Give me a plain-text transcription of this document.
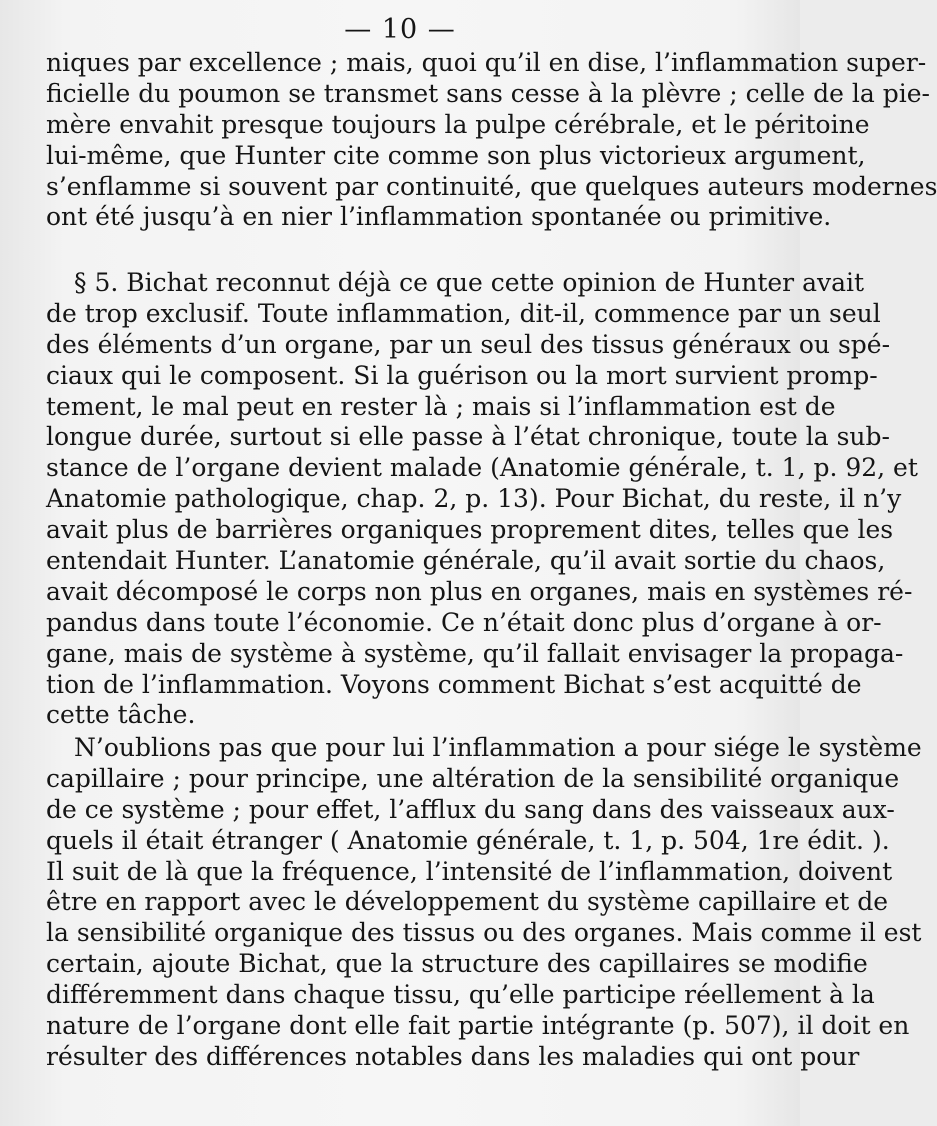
— 10 —
niques par excellence ; mais, quoi qu’il en dise, l’inflammation super-
ficielle du poumon se transmet sans cesse à la plèvre ; celle de la pie-
mère envahit presque toujours la pulpe cérébrale, et le péritoine
lui-même, que Hunter cite comme son plus victorieux argument,
s’enflamme si souvent par continuité, que quelques auteurs modernes
ont été jusqu’à en nier l’inflammation spontanée ou primitive.
§ 5. Bichat reconnut déjà ce que cette opinion de Hunter avait
de trop exclusif. Toute inflammation, dit-il, commence par un seul
des éléments d’un organe, par un seul des tissus généraux ou spé-
ciaux qui le composent. Si la guérison ou la mort survient promp-
tement, le mal peut en rester là ; mais si l’inflammation est de
longue durée, surtout si elle passe à l’état chronique, toute la sub-
stance de l’organe devient malade (Anatomie générale, t. 1, p. 92, et
Anatomie pathologique, chap. 2, p. 13). Pour Bichat, du reste, il n’y
avait plus de barrières organiques proprement dites, telles que les
entendait Hunter. L’anatomie générale, qu’il avait sortie du chaos,
avait décomposé le corps non plus en organes, mais en systèmes ré-
pandus dans toute l’économie. Ce n’était donc plus d’organe à or-
gane, mais de système à système, qu’il fallait envisager la propaga-
tion de l’inflammation. Voyons comment Bichat s’est acquitté de
cette tâche.
N’oublions pas que pour lui l’inflammation a pour siége le système
capillaire ; pour principe, une altération de la sensibilité organique
de ce système ; pour effet, l’afflux du sang dans des vaisseaux aux-
quels il était étranger ( Anatomie générale, t. 1, p. 504, 1re édit. ).
Il suit de là que la fréquence, l’intensité de l’inflammation, doivent
être en rapport avec le développement du système capillaire et de
la sensibilité organique des tissus ou des organes. Mais comme il est
certain, ajoute Bichat, que la structure des capillaires se modifie
différemment dans chaque tissu, qu’elle participe réellement à la
nature de l’organe dont elle fait partie intégrante (p. 507), il doit en
résulter des différences notables dans les maladies qui ont pour
